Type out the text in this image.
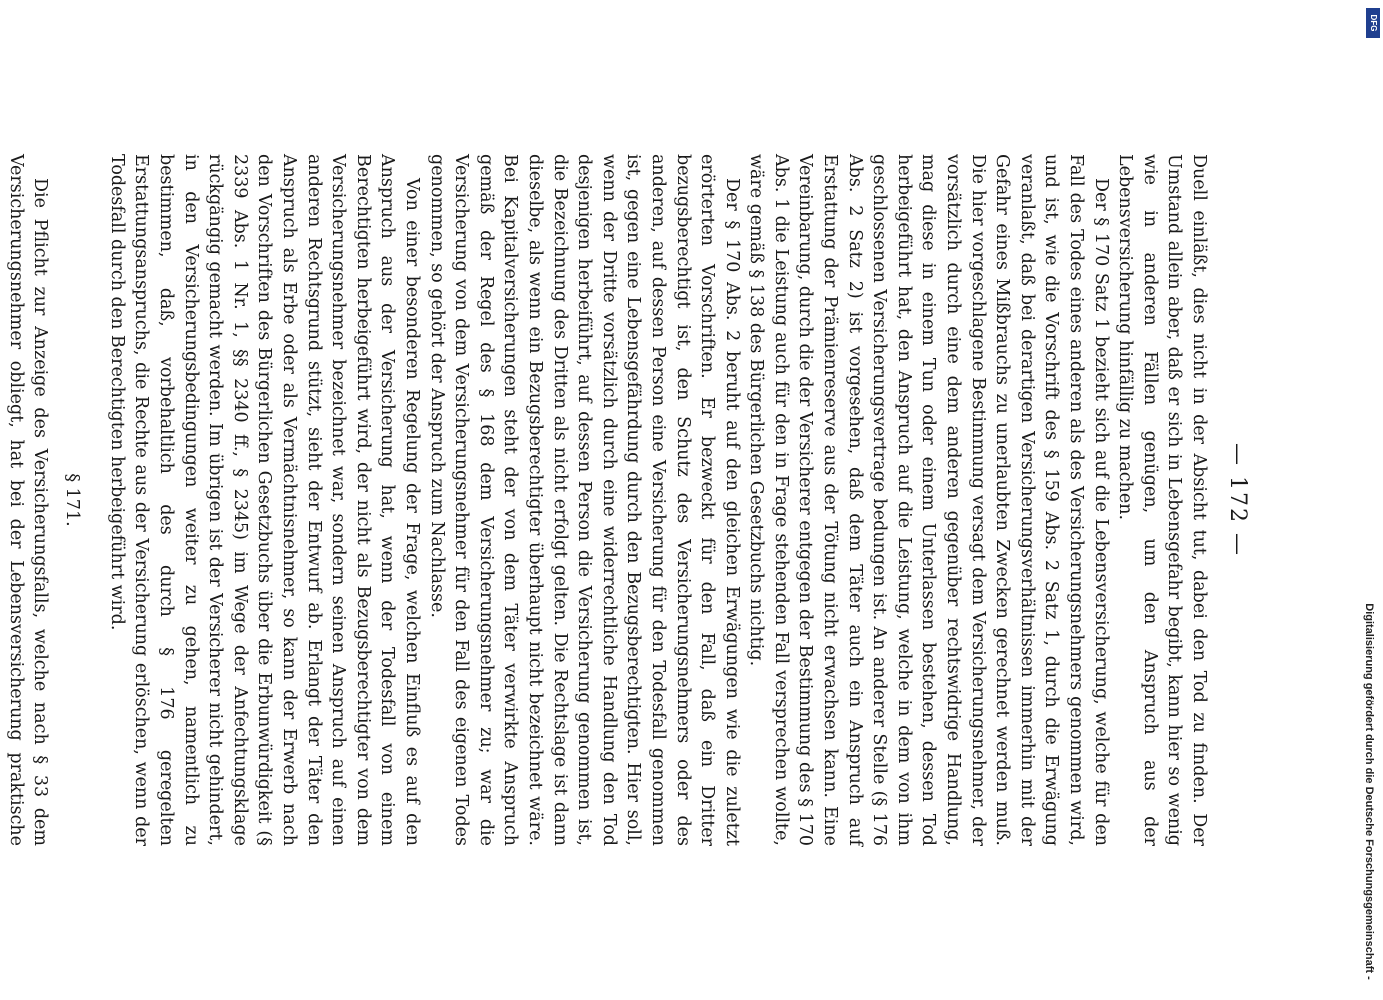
— 172 —

Duell einläßt, dies nicht in der Absicht tut, dabei den Tod zu finden. Der Umstand allein aber, daß er sich in Lebensgefahr begibt, kann hier so wenig wie in anderen Fällen genügen, um den Anspruch aus der Lebensversicherung hinfällig zu machen.

Der § 170 Satz 1 bezieht sich auf die Lebensversicherung, welche für den Fall des Todes eines anderen als des Versicherungsnehmers genommen wird, und ist, wie die Vorschrift des § 159 Abs. 2 Satz 1, durch die Erwägung veranlaßt, daß bei derartigen Versicherungsverhältnissen immerhin mit der Gefahr eines Mißbrauchs zu unerlaubten Zwecken gerechnet werden muß. Die hier vorgeschlagene Bestimmung versagt dem Versicherungsnehmer, der vorsätzlich durch eine dem anderen gegenüber rechtswidrige Handlung, mag diese in einem Tun oder einem Unterlassen bestehen, dessen Tod herbeigeführt hat, den Anspruch auf die Leistung, welche in dem von ihm geschlossenen Versicherungsvertrage bedungen ist. An anderer Stelle (§ 176 Abs. 2 Satz 2) ist vorgesehen, daß dem Täter auch ein Anspruch auf Erstattung der Prämienreserve aus der Tötung nicht erwachsen kann. Eine Vereinbarung, durch die der Versicherer entgegen der Bestimmung des § 170 Abs. 1 die Leistung auch für den in Frage stehenden Fall versprechen wollte, wäre gemäß § 138 des Bürgerlichen Gesetzbuchs nichtig.

Der § 170 Abs. 2 beruht auf den gleichen Erwägungen wie die zuletzt erörterten Vorschriften. Er bezweckt für den Fall, daß ein Dritter bezugsberechtigt ist, den Schutz des Versicherungsnehmers oder des anderen, auf dessen Person eine Versicherung für den Todesfall genommen ist, gegen eine Lebensgefährdung durch den Bezugsberechtigten. Hier soll, wenn der Dritte vorsätzlich durch eine widerrechtliche Handlung den Tod desjenigen herbeiführt, auf dessen Person die Versicherung genommen ist, die Bezeichnung des Dritten als nicht erfolgt gelten. Die Rechtslage ist dann dieselbe, als wenn ein Bezugsberechtigter überhaupt nicht bezeichnet wäre. Bei Kapitalversicherungen steht der von dem Täter verwirkte Anspruch gemäß der Regel des § 168 dem Versicherungsnehmer zu; war die Versicherung von dem Versicherungsnehmer für den Fall des eigenen Todes genommen, so gehört der Anspruch zum Nachlasse.

Von einer besonderen Regelung der Frage, welchen Einfluß es auf den Anspruch aus der Versicherung hat, wenn der Todesfall von einem Berechtigten herbeigeführt wird, der nicht als Bezugsberechtigter von dem Versicherungsnehmer bezeichnet war, sondern seinen Anspruch auf einen anderen Rechtsgrund stützt, sieht der Entwurf ab. Erlangt der Täter den Anspruch als Erbe oder als Vermächtnisnehmer, so kann der Erwerb nach den Vorschriften des Bürgerlichen Gesetzbuchs über die Erbunwürdigkeit (§ 2339 Abs. 1 Nr. 1, §§ 2340 ff., § 2345) im Wege der Anfechtungsklage rückgängig gemacht werden. Im übrigen ist der Versicherer nicht gehindert, in den Versicherungsbedingungen weiter zu gehen, namentlich zu bestimmen, daß, vorbehaltlich des durch § 176 geregelten Erstattungsanspruchs, die Rechte aus der Versicherung erlöschen, wenn der Todesfall durch den Berechtigten herbeigeführt wird.

§ 171.

Die Pflicht zur Anzeige des Versicherungsfalls, welche nach § 33 dem Versicherungsnehmer obliegt, hat bei der Lebensversicherung praktische	Digitalisierung gefördert durch die Deutsche Forschungsgemeinschaft -
DFG
